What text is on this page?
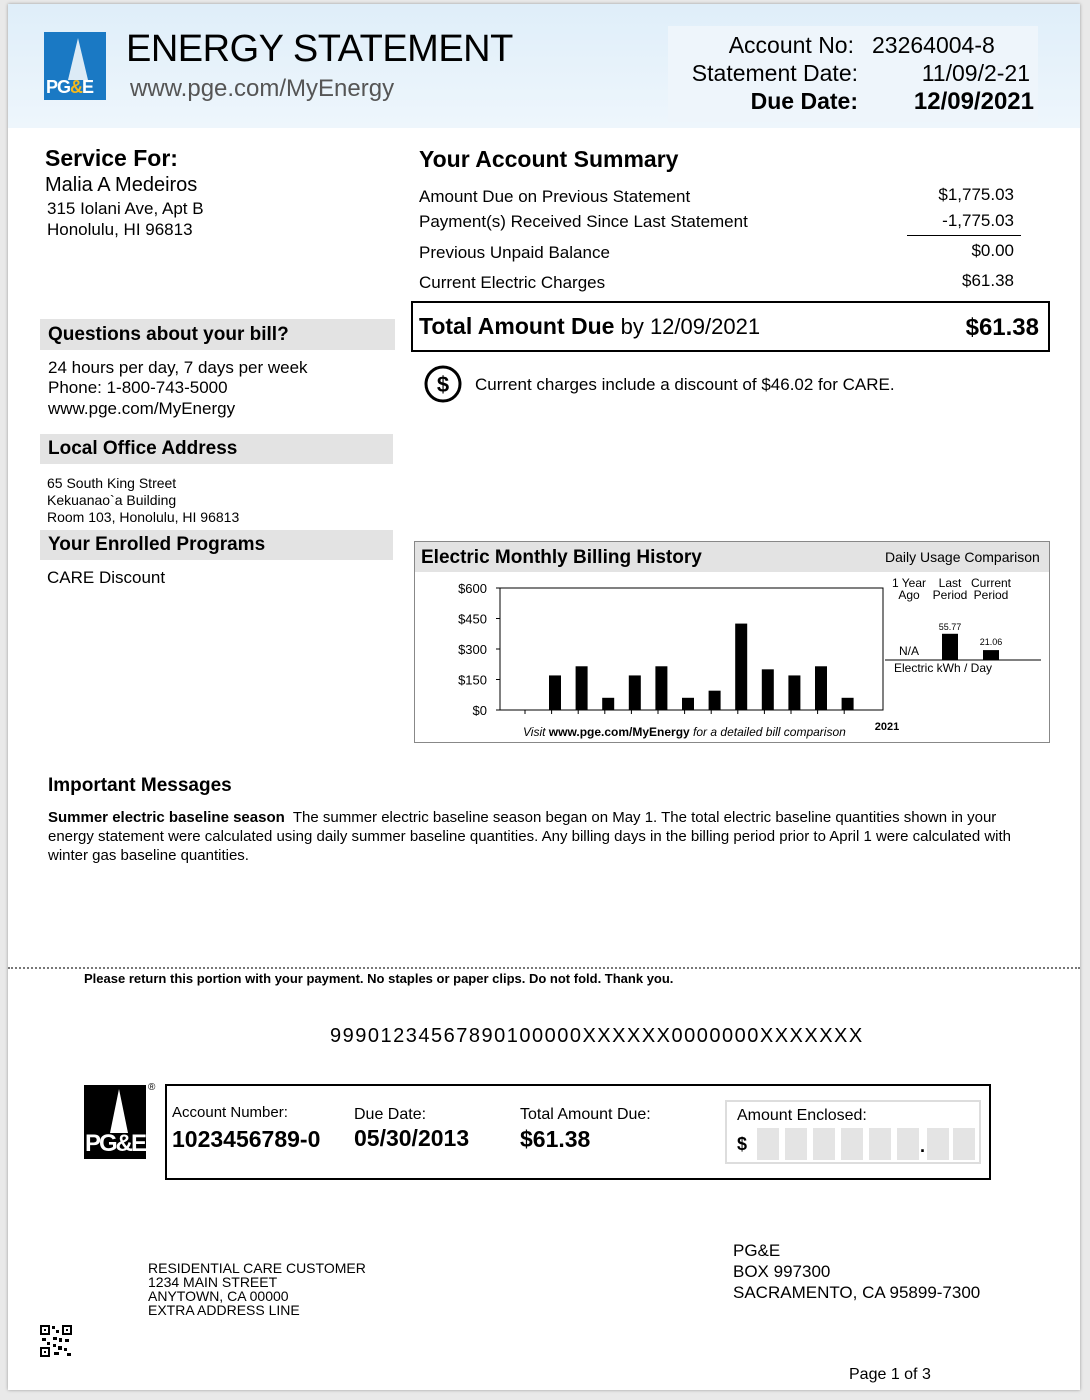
PG&E
ENERGY STATEMENT
www.pge.com/MyEnergy
Account No: 23264004-8
Statement Date:	11/09/2-21
Due Date:	12/09/2021
Service For:
Malia A Medeiros
315 Iolani Ave, Apt B
Honolulu, HI 96813
Your Account Summary
Amount Due on Previous Statement	$1,775.03
Payment(s) Received Since Last Statement	-1,775.03
Previous Unpaid Balance	$0.00
Current Electric Charges	$61.38
Total Amount Due by 12/09/2021	$61.38
$ Current charges include a discount of $46.02 for CARE.
Questions about your bill?
24 hours per day, 7 days per week
Phone: 1-800-743-5000
www.pge.com/MyEnergy
Local Office Address
65 South King Street
Kekuanao`a Building
Room 103, Honolulu, HI 96813
Your Enrolled Programs
CARE Discount
Electric Monthly Billing History	Daily Usage Comparison
$600
$450
$300
$150
$0
2021
1 Year
Ago
Last
Period
Current
Period
N/A
55.77
21.06
Electric kWh / Day
Visit www.pge.com/MyEnergy for a detailed bill comparison
Important Messages
Summer electric baseline season  The summer electric baseline season began on May 1. The total electric baseline quantities shown in your energy statement were calculated using daily summer baseline quantities. Any billing days in the billing period prior to April 1 were calculated with winter gas baseline quantities.
Please return this portion with your payment. No staples or paper clips. Do not fold. Thank you.
99901234567890100000XXXXXX0000000XXXXXXX
PG&E
®
Account Number:
1023456789-0
Due Date:
05/30/2013
Total Amount Due:
$61.38
Amount Enclosed:
$	.
RESIDENTIAL CARE CUSTOMER
1234 MAIN STREET
ANYTOWN, CA 00000
EXTRA ADDRESS LINE
PG&E
BOX 997300
SACRAMENTO, CA 95899-7300
Page 1 of 3
